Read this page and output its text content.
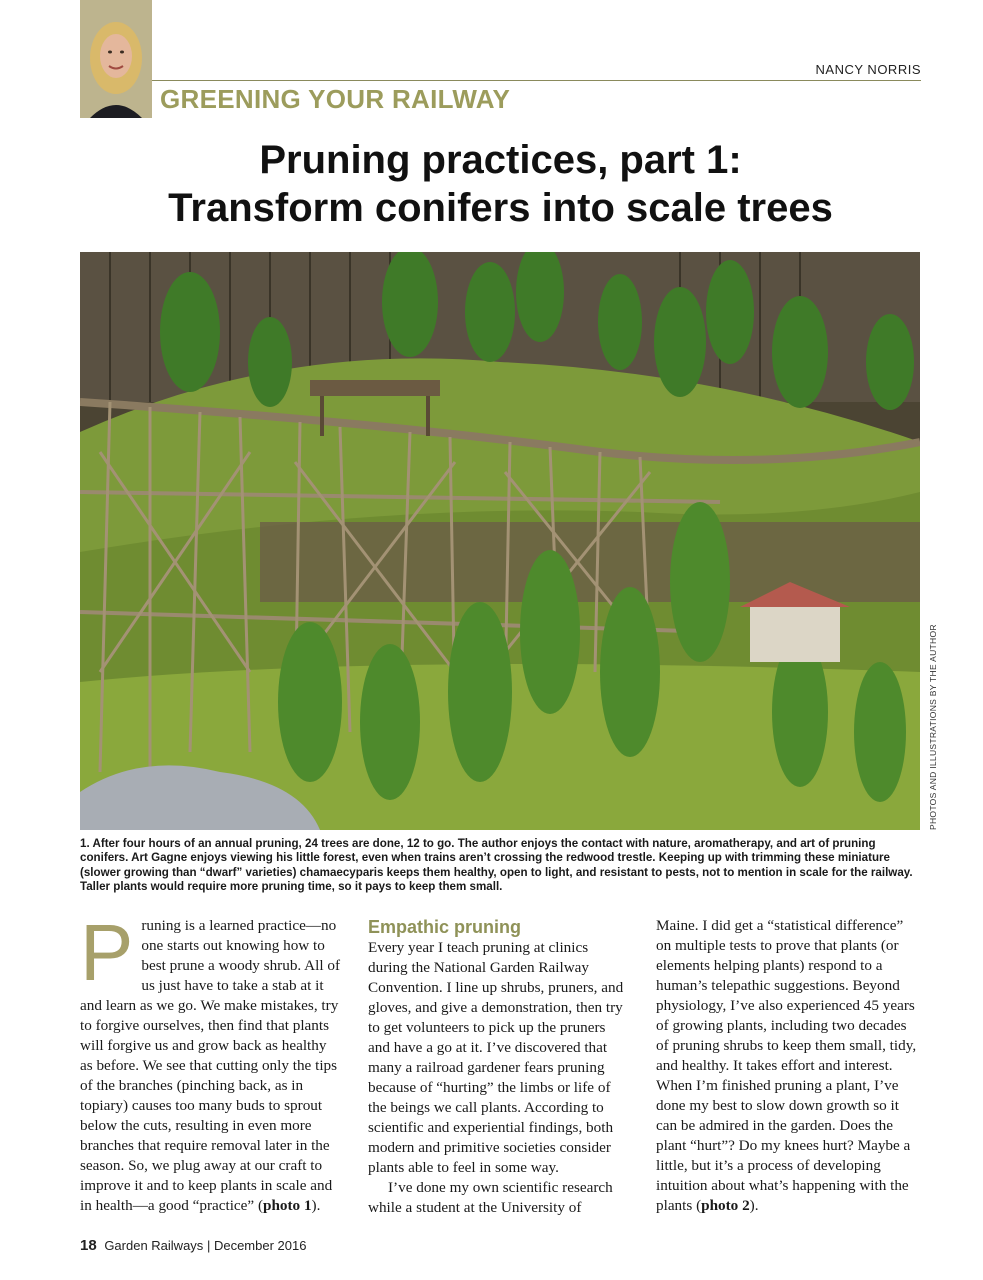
NANCY NORRIS
GREENING YOUR RAILWAY
Pruning practices, part 1:
Transform conifers into scale trees
PHOTOS AND ILLUSTRATIONS BY THE AUTHOR

1. After four hours of an annual pruning, 24 trees are done, 12 to go. The author enjoys the contact with nature, aromatherapy, and art of pruning conifers. Art Gagne enjoys viewing his little forest, even when trains aren’t crossing the redwood trestle. Keeping up with trimming these miniature (slower growing than “dwarf” varieties) chamaecyparis keeps them healthy, open to light, and resistant to pests, not to mention in scale for the railway. Taller plants would require more pruning time, so it pays to keep them small.

Pruning is a learned practice—no one starts out knowing how to best prune a woody shrub. All of us just have to take a stab at it and learn as we go. We make mistakes, try to forgive ourselves, then find that plants will forgive us and grow back as healthy as before. We see that cutting only the tips of the branches (pinching back, as in topiary) causes too many buds to sprout below the cuts, resulting in even more branches that require removal later in the season. So, we plug away at our craft to improve it and to keep plants in scale and in health—a good “practice” (photo 1).

Empathic pruning

Every year I teach pruning at clinics during the National Garden Railway Convention. I line up shrubs, pruners, and gloves, and give a demonstration, then try to get volunteers to pick up the pruners and have a go at it. I’ve discovered that many a railroad gardener fears pruning because of “hurting” the limbs or life of the beings we call plants. According to scientific and experiential findings, both modern and primitive societies consider plants able to feel in some way.

I’ve done my own scientific research while a student at the University of

Maine. I did get a “statistical difference” on multiple tests to prove that plants (or elements helping plants) respond to a human’s telepathic suggestions. Beyond physiology, I’ve also experienced 45 years of growing plants, including two decades of pruning shrubs to keep them small, tidy, and healthy. It takes effort and interest. When I’m finished pruning a plant, I’ve done my best to slow down growth so it can be admired in the garden. Does the plant “hurt”? Do my knees hurt? Maybe a little, but it’s a process of developing intuition about what’s happening with the plants (photo 2).

18 Garden Railways | December 2016
